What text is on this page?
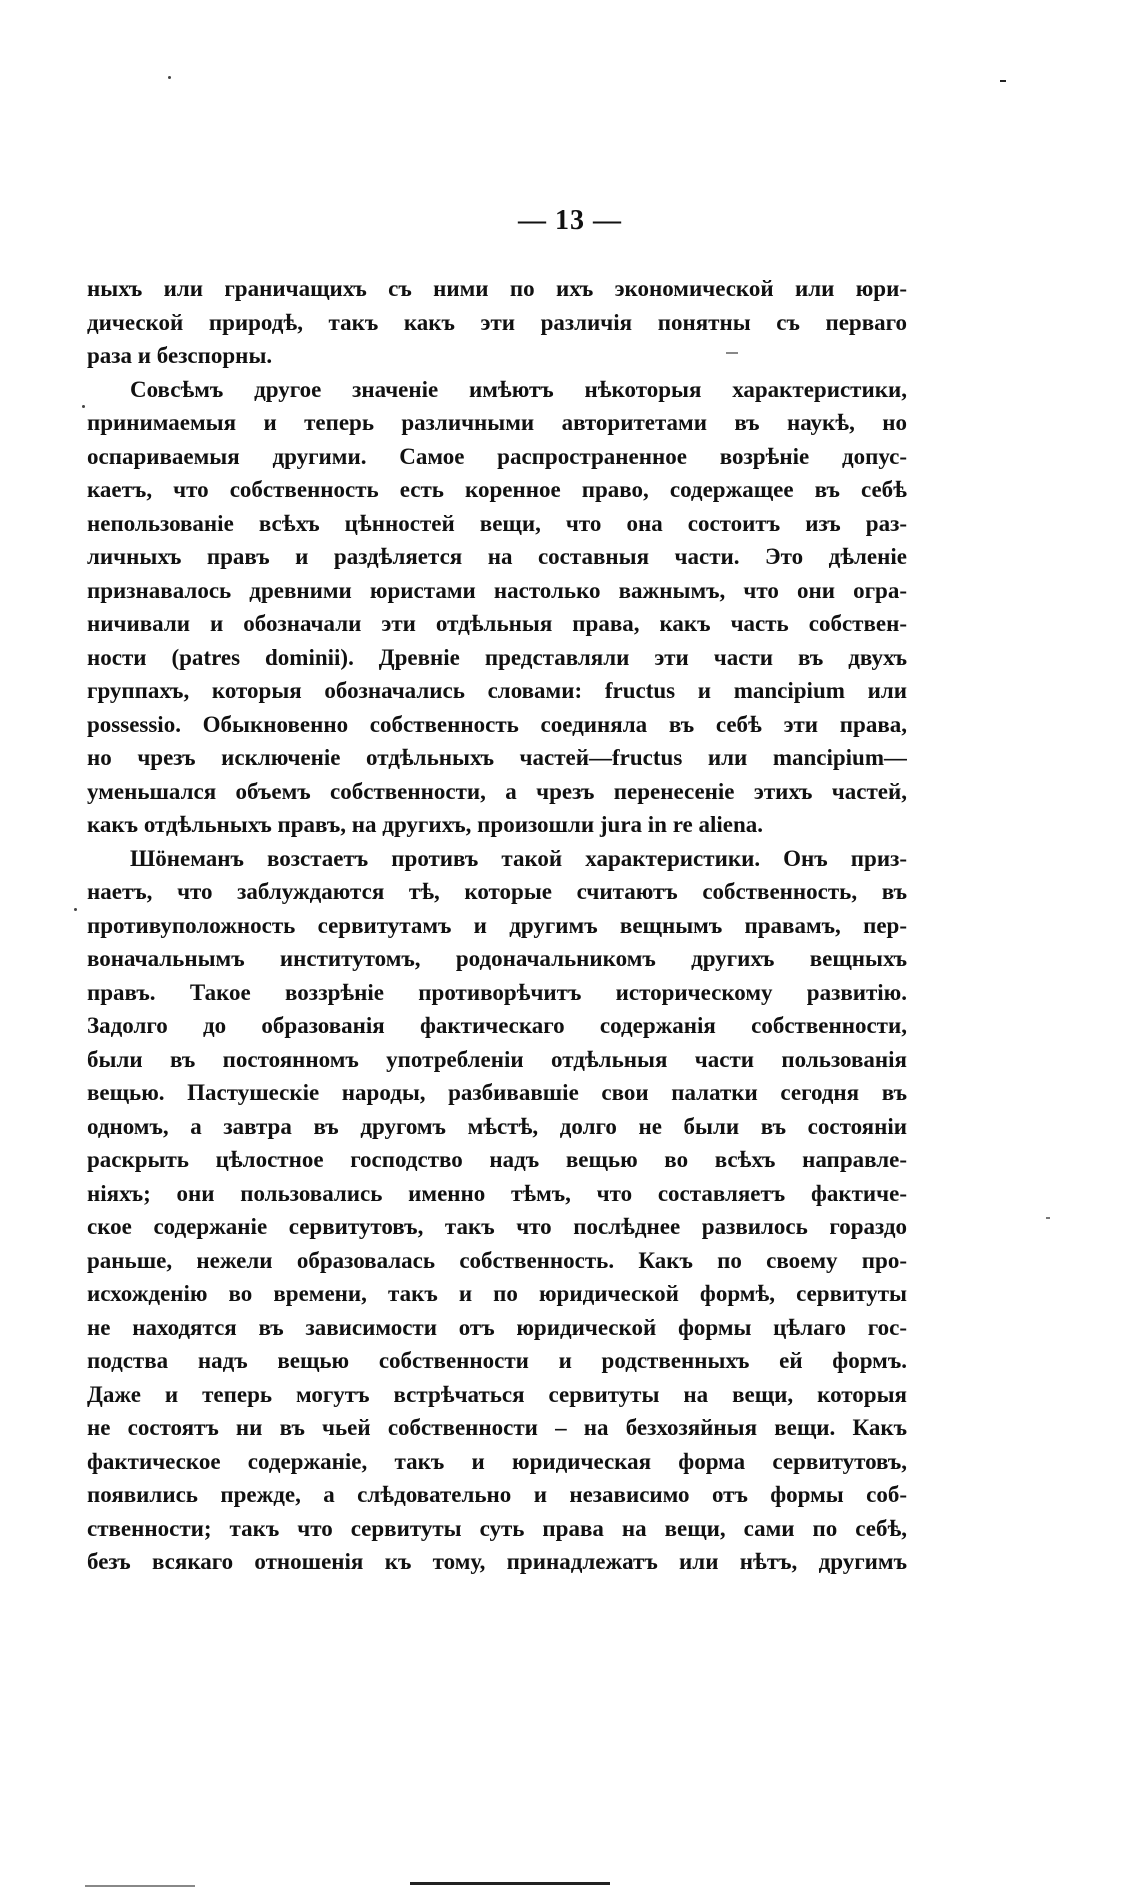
— 13 —
ныхъ или граничащихъ съ ними по ихъ экономической или юри-
дической природѣ, такъ какъ эти различія понятны съ перваго
раза и безспорны.
Совсѣмъ другое значеніе имѣютъ нѣкоторыя характеристики,
принимаемыя и теперь различными авторитетами въ наукѣ, но
оспариваемыя другими. Самое распространенное возрѣніе допус-
каетъ, что собственность есть коренное право, содержащее въ себѣ
непользованіе всѣхъ цѣнностей вещи, что она состоитъ изъ раз-
личныхъ правъ и раздѣляется на составныя части. Это дѣленіе
признавалось древними юристами настолько важнымъ, что они огра-
ничивали и обозначали эти отдѣльныя права, какъ часть собствен-
ности (patres dominii). Древніе представляли эти части въ двухъ
группахъ, которыя обозначались словами: fructus и mancipium или
possessio. Обыкновенно собственность соединяла въ себѣ эти права,
но чрезъ исключеніе отдѣльныхъ частей—fructus или mancipium—
уменьшался объемъ собственности, а чрезъ перенесеніе этихъ частей,
какъ отдѣльныхъ правъ, на другихъ, произошли jura in re aliena.
Шöнеманъ возстаетъ противъ такой характеристики. Онъ приз-
наетъ, что заблуждаются тѣ, которые считаютъ собственность, въ
противуположность сервитутамъ и другимъ вещнымъ правамъ, пер-
воначальнымъ институтомъ, родоначальникомъ другихъ вещныхъ
правъ. Такое воззрѣніе противорѣчитъ историческому развитію.
Задолго до образованія фактическаго содержанія собственности,
были въ постоянномъ употребленіи отдѣльныя части пользованія
вещью. Пастушескіе народы, разбивавшіе свои палатки сегодня въ
одномъ, а завтра въ другомъ мѣстѣ, долго не были въ состояніи
раскрыть цѣлостное господство надъ вещью во всѣхъ направле-
ніяхъ; они пользовались именно тѣмъ, что составляетъ фактиче-
ское содержаніе сервитутовъ, такъ что послѣднее развилось гораздо
раньше, нежели образовалась собственность. Какъ по своему про-
исхожденію во времени, такъ и по юридической формѣ, сервитуты
не находятся въ зависимости отъ юридической формы цѣлаго гос-
подства надъ вещью собственности и родственныхъ ей формъ.
Даже и теперь могутъ встрѣчаться сервитуты на вещи, которыя
не состоятъ ни въ чьей собственности – на безхозяйныя вещи. Какъ
фактическое содержаніе, такъ и юридическая форма сервитутовъ,
появились прежде, а слѣдовательно и независимо отъ формы соб-
ственности; такъ что сервитуты суть права на вещи, сами по себѣ,
безъ всякаго отношенія къ тому, принадлежатъ или нѣтъ, другимъ
